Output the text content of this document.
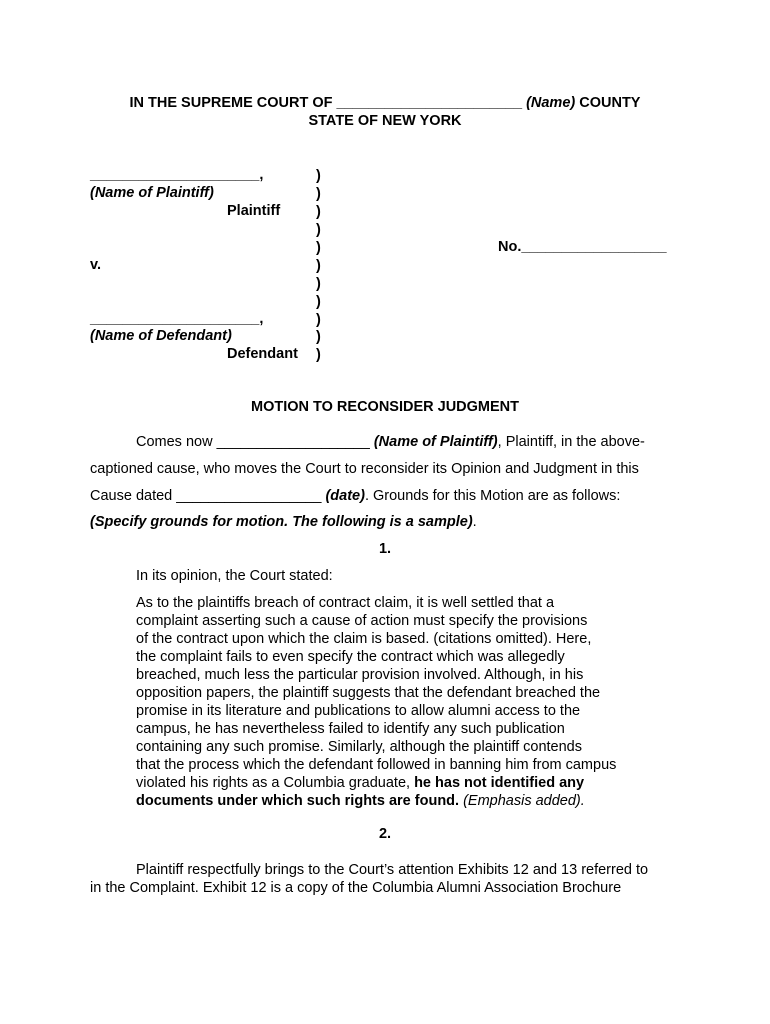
IN THE SUPREME COURT OF _______________________ (Name) COUNTY
STATE OF NEW YORK
_____________________,
(Name of Plaintiff)
Plaintiff
v.
_____________________,
(Name of Defendant)
Defendant
)
)
)
)
)
)
)
)
)
)
)
No.__________________
MOTION TO RECONSIDER JUDGMENT
Comes now ___________________ (Name of Plaintiff), Plaintiff, in the above-
captioned cause, who moves the Court to reconsider its Opinion and Judgment in this
Cause dated __________________ (date). Grounds for this Motion are as follows:
(Specify grounds for motion. The following is a sample).
1.
In its opinion, the Court stated:
As to the plaintiffs breach of contract claim, it is well settled that a
complaint asserting such a cause of action must specify the provisions
of the contract upon which the claim is based. (citations omitted). Here,
the complaint fails to even specify the contract which was allegedly
breached, much less the particular provision involved. Although, in his
opposition papers, the plaintiff suggests that the defendant breached the
promise in its literature and publications to allow alumni access to the
campus, he has nevertheless failed to identify any such publication
containing any such promise. Similarly, although the plaintiff contends
that the process which the defendant followed in banning him from campus
violated his rights as a Columbia graduate, he has not identified any
documents under which such rights are found. (Emphasis added).
2.
Plaintiff respectfully brings to the Court’s attention Exhibits 12 and 13 referred to
in the Complaint. Exhibit 12 is a copy of the Columbia Alumni Association Brochure
